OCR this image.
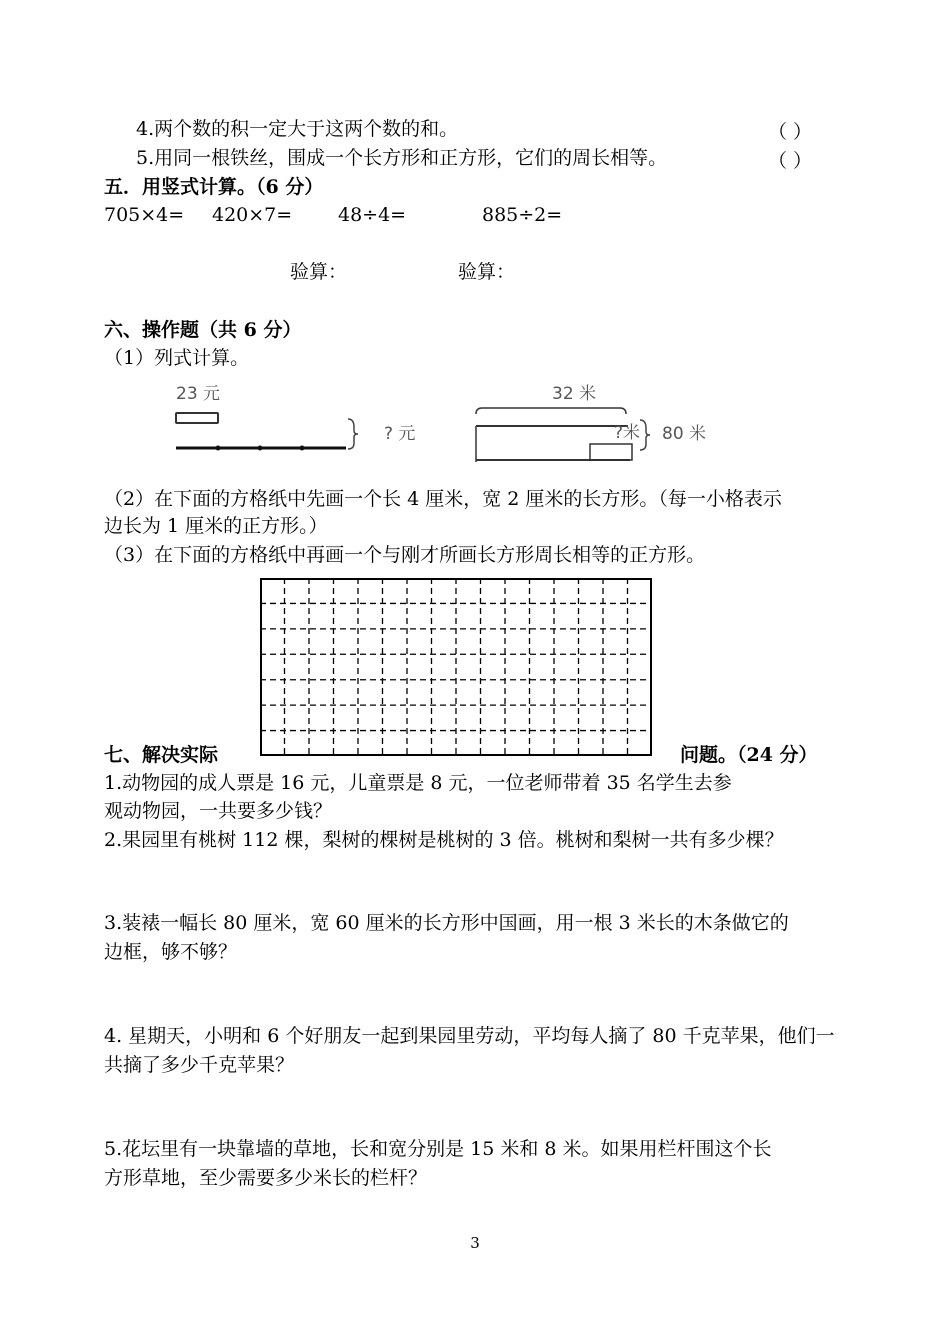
4.两个数的积一定大于这两个数的和。	（ ）
5.用同一根铁丝，围成一个长方形和正方形，它们的周长相等。	（ ）
五．用竖式计算。（6 分）
705×4= 420×7= 48÷4=	885÷2=
验算：	验算：
六、操作题（共 6 分）
（1）列式计算。
23 元
? 元
32 米
?米 80 米
（2）在下面的方格纸中先画一个长 4 厘米，宽 2 厘米的长方形。（每一小格表示
边长为 1 厘米的正方形。）
（3）在下面的方格纸中再画一个与刚才所画长方形周长相等的正方形。
七、解决实际	问题。（24 分）
1.动物园的成人票是 16 元，儿童票是 8 元，一位老师带着 35 名学生去参
观动物园，一共要多少钱？
2.果园里有桃树 112 棵，梨树的棵树是桃树的 3 倍。桃树和梨树一共有多少棵？
3.装裱一幅长 80 厘米，宽 60 厘米的长方形中国画，用一根 3 米长的木条做它的
边框，够不够？
4. 星期天，小明和 6 个好朋友一起到果园里劳动，平均每人摘了 80 千克苹果，他们一
共摘了多少千克苹果？
5.花坛里有一块靠墙的草地，长和宽分别是 15 米和 8 米。如果用栏杆围这个长
方形草地，至少需要多少米长的栏杆？
3
